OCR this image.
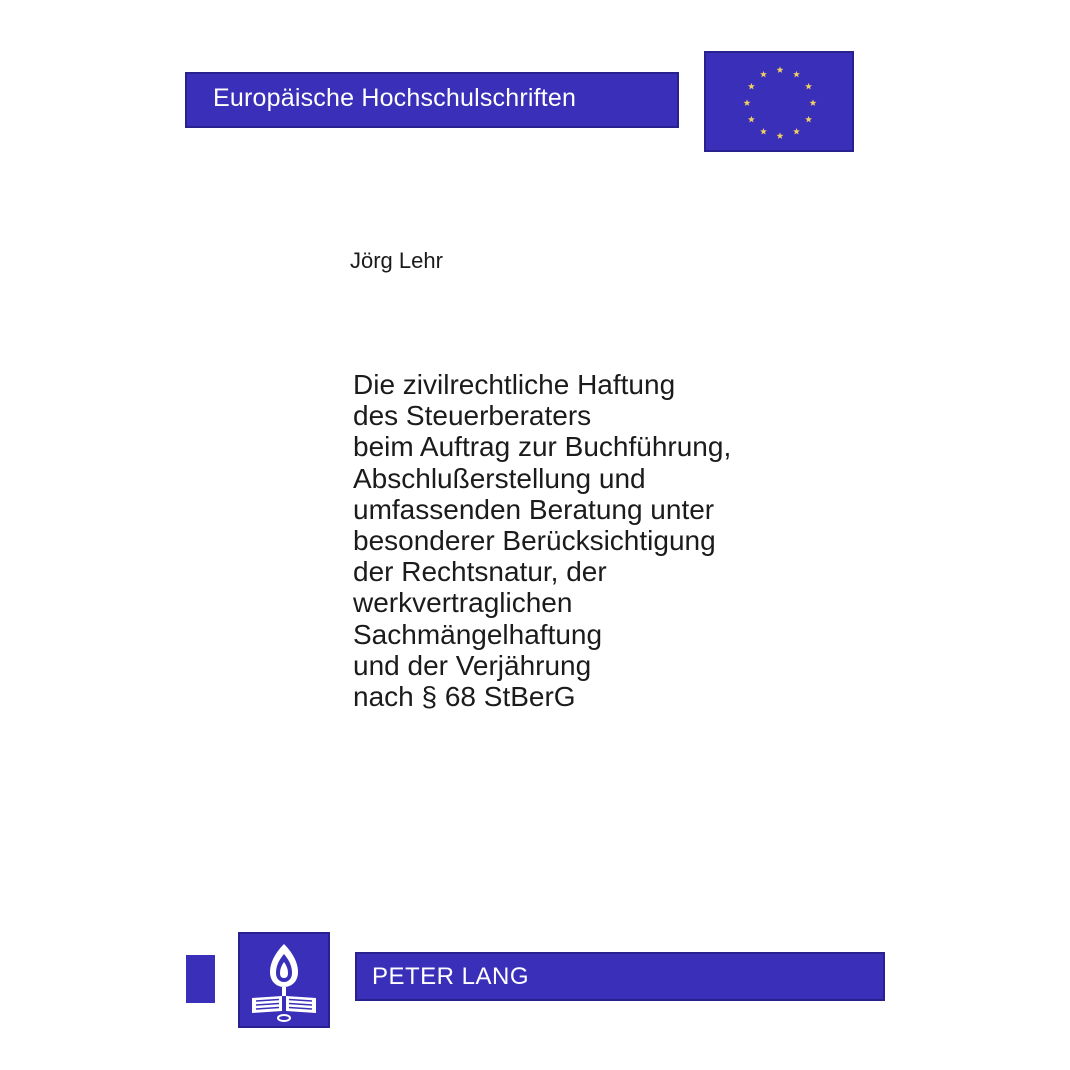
Europäische Hochschulschriften
Jörg Lehr
Die zivilrechtliche Haftung
des Steuerberaters
beim Auftrag zur Buchführung,
Abschlußerstellung und
umfassenden Beratung unter
besonderer Berücksichtigung
der Rechtsnatur, der
werkvertraglichen
Sachmängelhaftung
und der Verjährung
nach § 68 StBerG
PETER LANG
